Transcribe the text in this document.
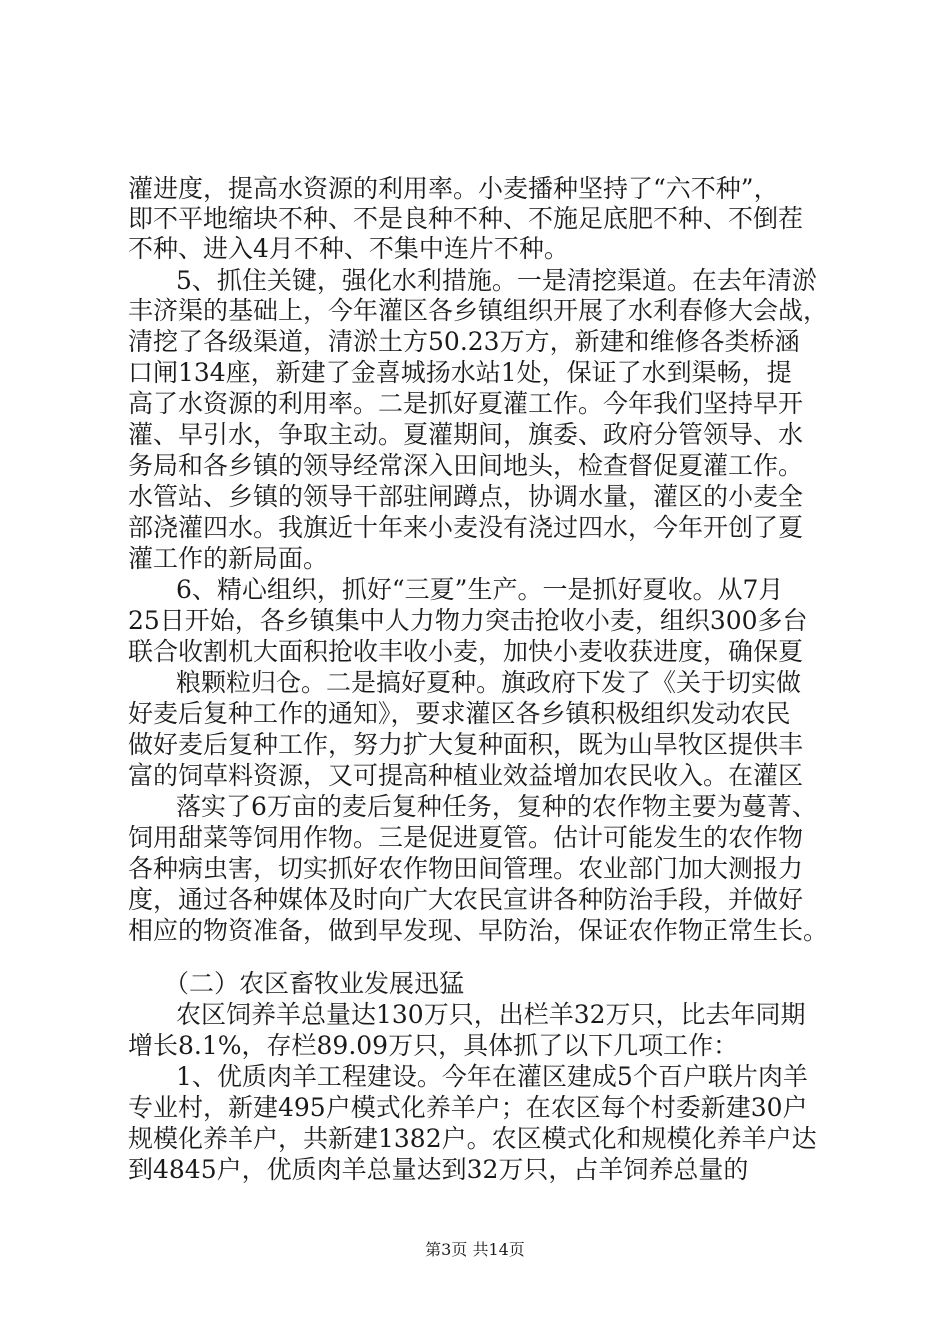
灌进度，提高水资源的利用率。小麦播种坚持了“六不种”，
即不平地缩块不种、不是良种不种、不施足底肥不种、不倒茬
不种、进入4月不种、不集中连片不种。
5、抓住关键，强化水利措施。一是清挖渠道。在去年清淤
丰济渠的基础上，今年灌区各乡镇组织开展了水利春修大会战，
清挖了各级渠道，清淤土方50.23万方，新建和维修各类桥涵
口闸134座，新建了金喜城扬水站1处，保证了水到渠畅，提
高了水资源的利用率。二是抓好夏灌工作。今年我们坚持早开
灌、早引水，争取主动。夏灌期间，旗委、政府分管领导、水
务局和各乡镇的领导经常深入田间地头，检查督促夏灌工作。
水管站、乡镇的领导干部驻闸蹲点，协调水量，灌区的小麦全
部浇灌四水。我旗近十年来小麦没有浇过四水，今年开创了夏
灌工作的新局面。
6、精心组织，抓好“三夏”生产。一是抓好夏收。从7月
25日开始，各乡镇集中人力物力突击抢收小麦，组织300多台
联合收割机大面积抢收丰收小麦，加快小麦收获进度，确保夏
粮颗粒归仓。二是搞好夏种。旗政府下发了《关于切实做
好麦后复种工作的通知》，要求灌区各乡镇积极组织发动农民
做好麦后复种工作，努力扩大复种面积，既为山旱牧区提供丰
富的饲草料资源，又可提高种植业效益增加农民收入。在灌区
落实了6万亩的麦后复种任务，复种的农作物主要为蔓菁、
饲用甜菜等饲用作物。三是促进夏管。估计可能发生的农作物
各种病虫害，切实抓好农作物田间管理。农业部门加大测报力
度，通过各种媒体及时向广大农民宣讲各种防治手段，并做好
相应的物资准备，做到早发现、早防治，保证农作物正常生长。
（二）农区畜牧业发展迅猛
农区饲养羊总量达130万只，出栏羊32万只，比去年同期
增长8.1%，存栏89.09万只，具体抓了以下几项工作：
1、优质肉羊工程建设。今年在灌区建成5个百户联片肉羊
专业村，新建495户模式化养羊户；在农区每个村委新建30户
规模化养羊户，共新建1382户。农区模式化和规模化养羊户达
到4845户，优质肉羊总量达到32万只，占羊饲养总量的
第3页 共14页
